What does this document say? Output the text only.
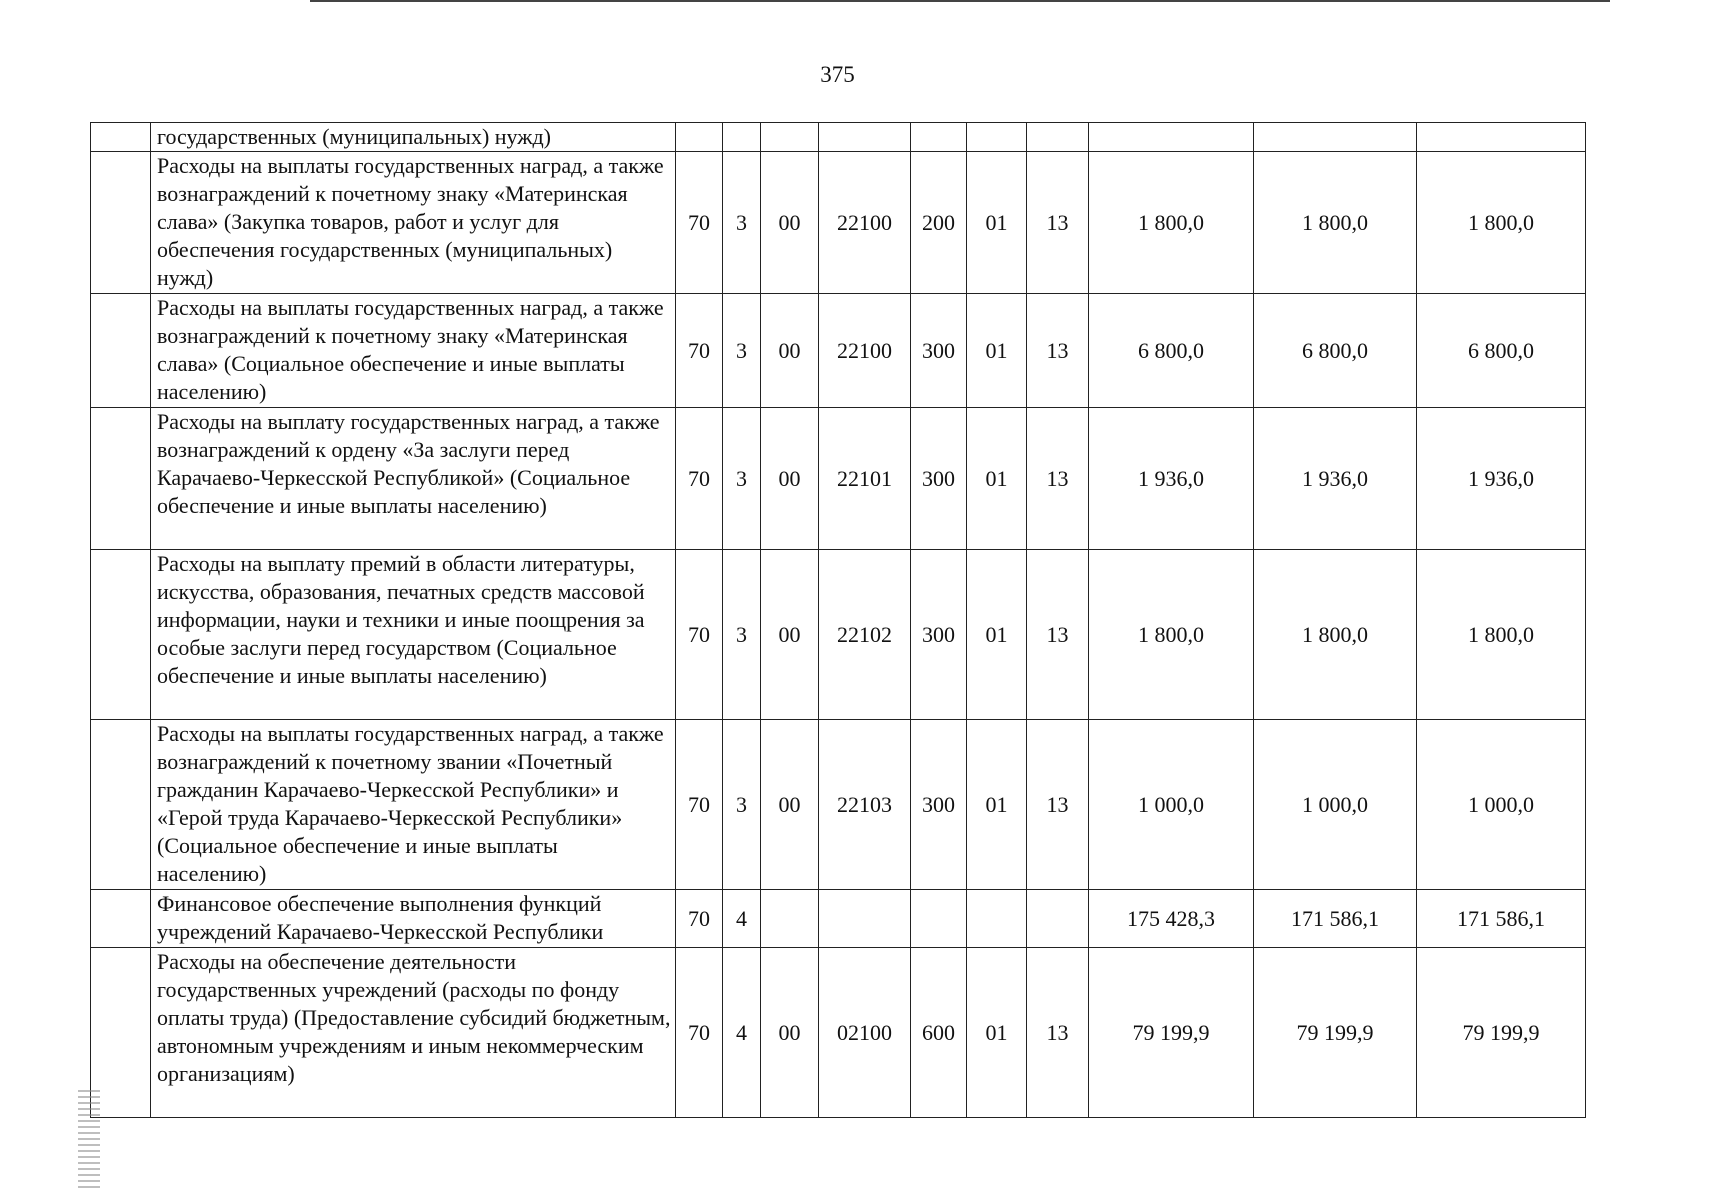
375
	государственных (муниципальных) нужд)										
	Расходы на выплаты государственных наград, а также вознаграждений к почетному знаку «Материнская слава» (Закупка товаров, работ и услуг для обеспечения государственных (муниципальных) нужд)	70	3	00	22100	200	01	13	1 800,0	1 800,0	1 800,0
	Расходы на выплаты государственных наград, а также вознаграждений к почетному знаку «Материнская слава» (Социальное обеспечение и иные выплаты населению)	70	3	00	22100	300	01	13	6 800,0	6 800,0	6 800,0
	Расходы на выплату государственных наград, а также вознаграждений к ордену «За заслуги перед Карачаево-Черкесской Республикой» (Социальное обеспечение и иные выплаты населению)	70	3	00	22101	300	01	13	1 936,0	1 936,0	1 936,0
	Расходы на выплату премий в области литературы, искусства, образования, печатных средств массовой информации, науки и техники и иные поощрения за особые заслуги перед государством (Социальное обеспечение и иные выплаты населению)	70	3	00	22102	300	01	13	1 800,0	1 800,0	1 800,0
	Расходы на выплаты государственных наград, а также вознаграждений к почетному звании «Почетный гражданин Карачаево-Черкесской Республики» и «Герой труда Карачаево-Черкесской Республики» (Социальное обеспечение и иные выплаты населению)	70	3	00	22103	300	01	13	1 000,0	1 000,0	1 000,0
	Финансовое обеспечение выполнения функций учреждений Карачаево-Черкесской Республики	70	4						175 428,3	171 586,1	171 586,1
	Расходы на обеспечение деятельности государственных учреждений (расходы по фонду оплаты труда) (Предоставление субсидий бюджетным, автономным учреждениям и иным некоммерческим организациям)	70	4	00	02100	600	01	13	79 199,9	79 199,9	79 199,9
